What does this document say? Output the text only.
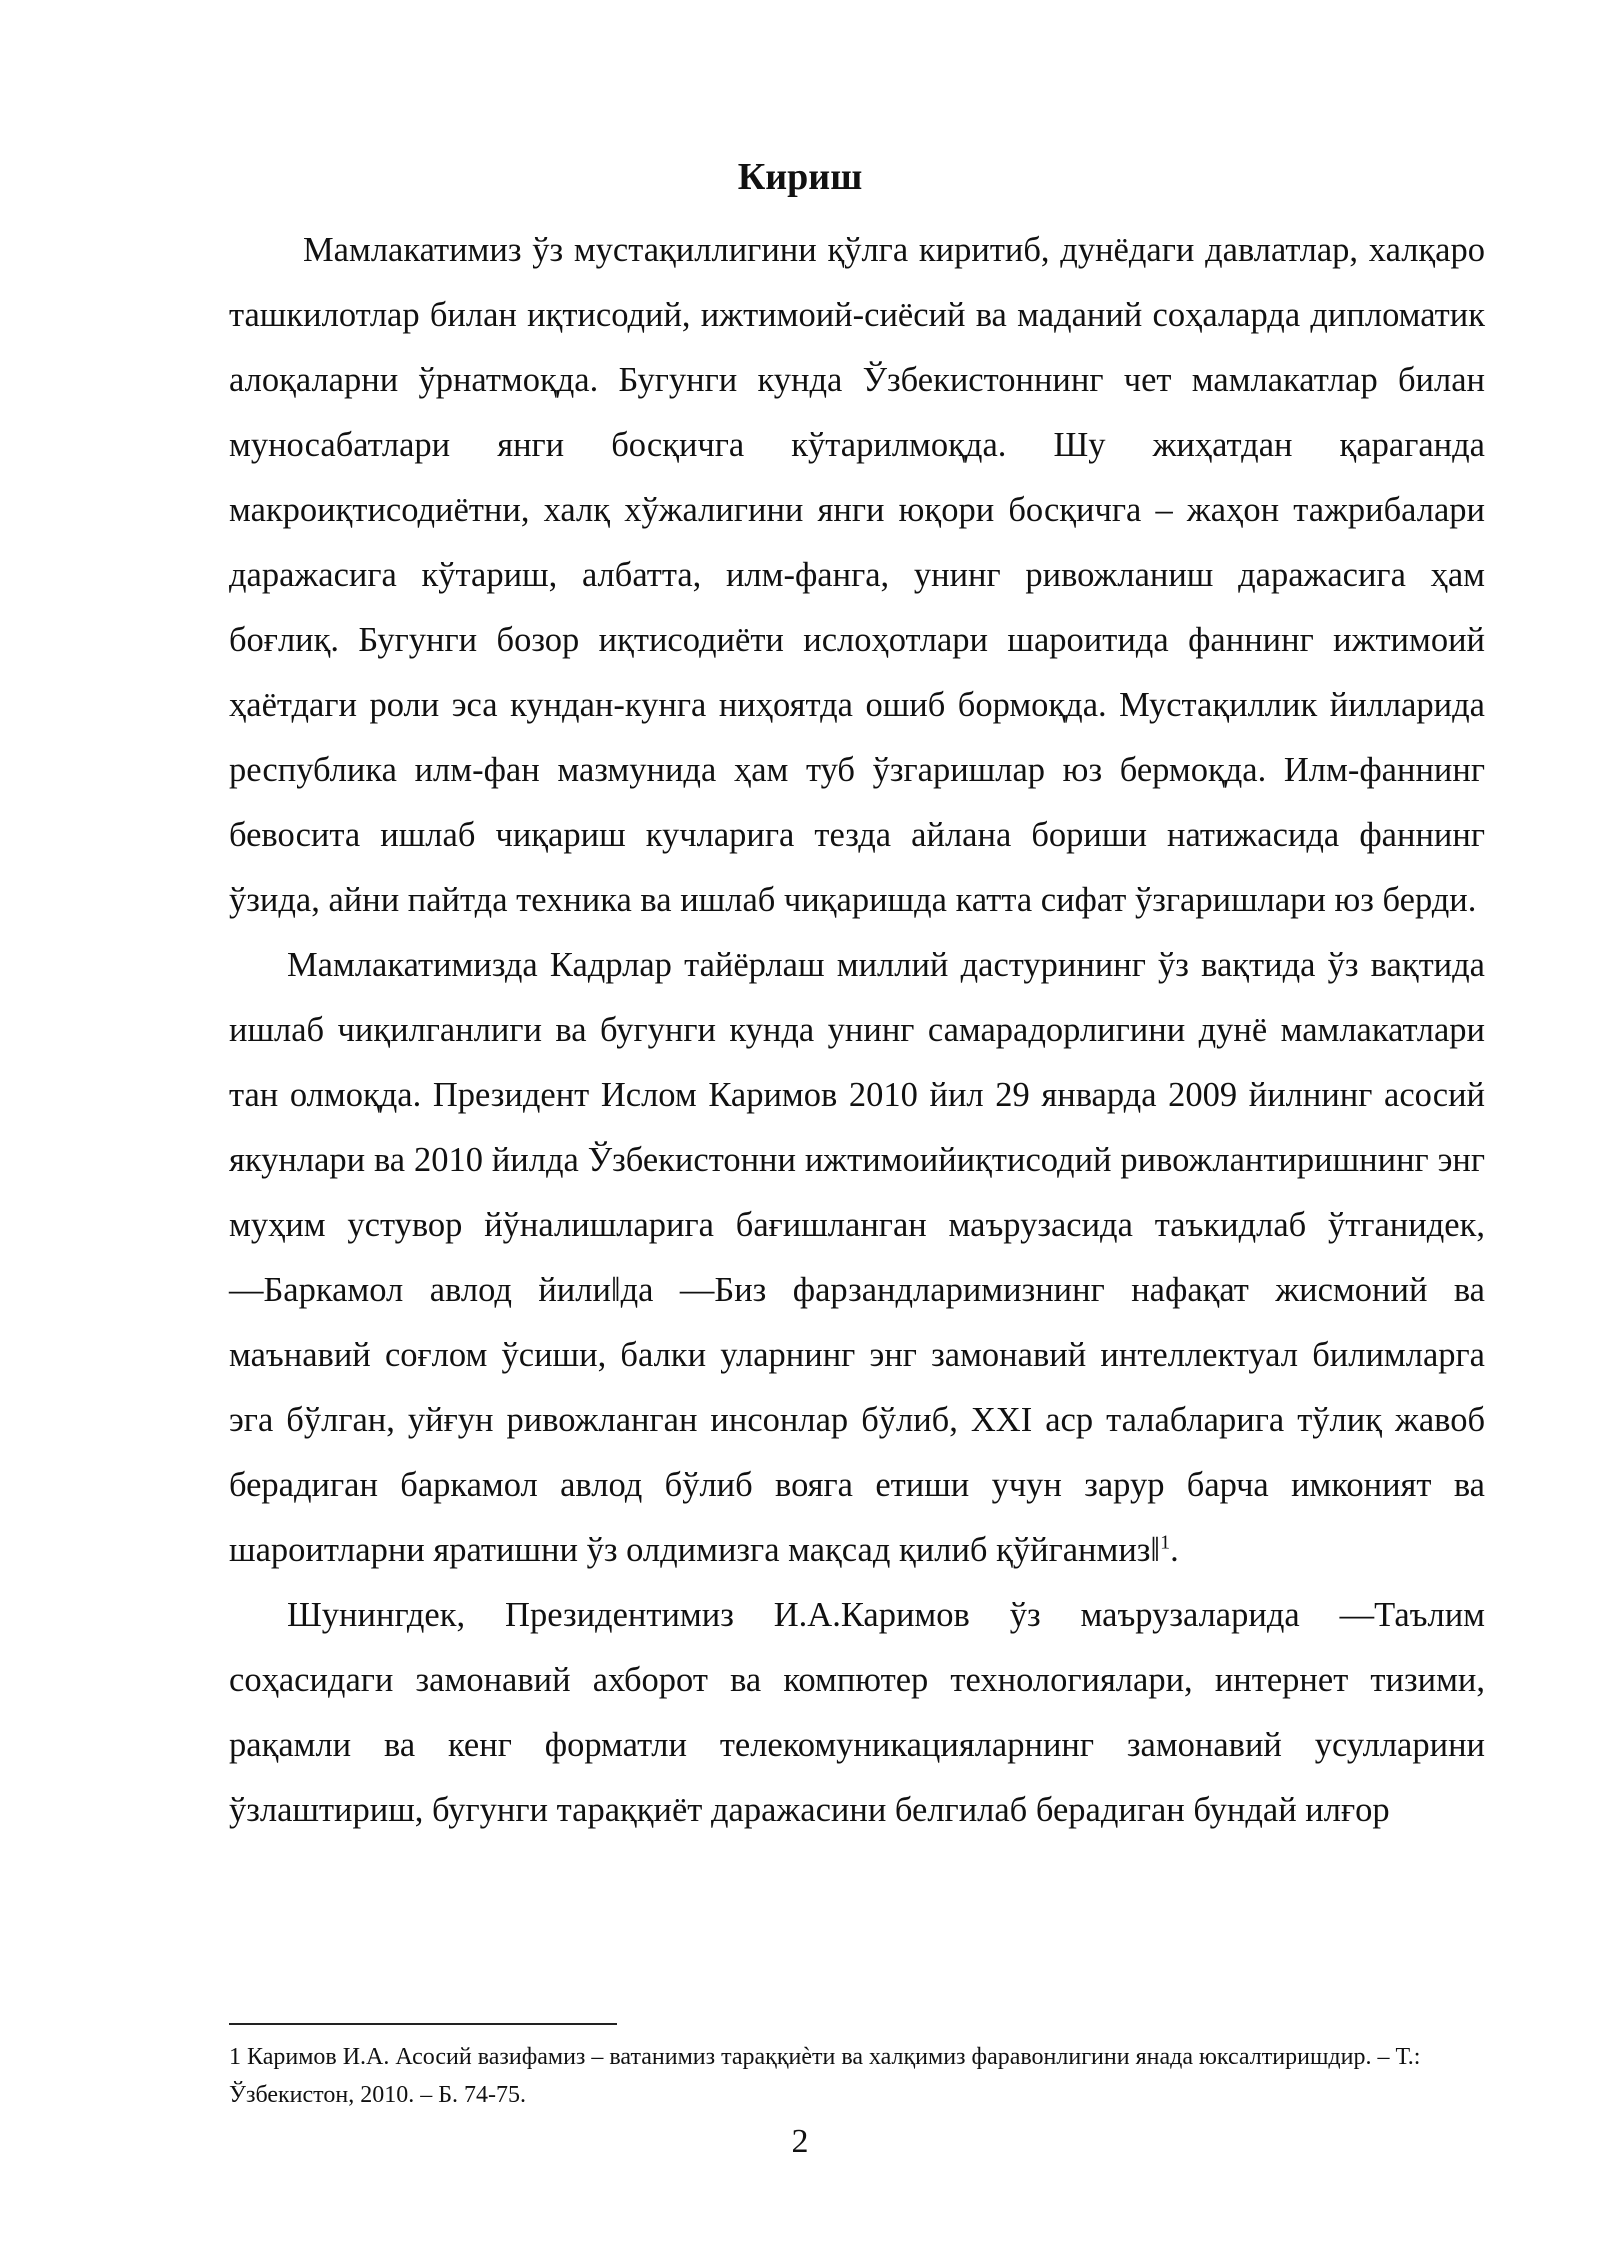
Кириш

Мамлакатимиз ўз мустақиллигини қўлга киритиб, дунёдаги давлатлар, халқаро ташкилотлар билан иқтисодий, ижтимоий-сиёсий ва маданий соҳаларда дипломатик алоқаларни ўрнатмоқда. Бугунги кунда Ўзбекистоннинг чет мамлакатлар билан муносабатлари янги босқичга кўтарилмоқда. Шу жиҳатдан қараганда макроиқтисодиётни, халқ хўжалигини янги юқори босқичга – жаҳон тажрибалари даражасига кўтариш, албатта, илм-фанга, унинг ривожланиш даражасига ҳам боғлиқ. Бугунги бозор иқтисодиёти ислоҳотлари шароитида фаннинг ижтимоий ҳаётдаги роли эса кундан-кунга ниҳоятда ошиб бормоқда. Мустақиллик йилларида республика илм-фан мазмунида ҳам туб ўзгаришлар юз бермоқда. Илм-фаннинг бевосита ишлаб чиқариш кучларига тезда айлана бориши натижасида фаннинг ўзида, айни пайтда техника ва ишлаб чиқаришда катта сифат ўзгаришлари юз берди.

Мамлакатимизда Кадрлар тайёрлаш миллий дастурининг ўз вақтида ўз вақтида ишлаб чиқилганлиги ва бугунги кунда унинг самарадорлигини дунё мамлакатлари тан олмоқда. Президент Ислом Каримов 2010 йил 29 январда 2009 йилнинг асосий якунлари ва 2010 йилда Ўзбекистонни ижтимоийиқтисодий ривожлантиришнинг энг муҳим устувор йўналишларига бағишланган маърузасида таъкидлаб ўтганидек, ―Баркамол авлод йили‖да ―Биз фарзандларимизнинг нафақат жисмоний ва маънавий соғлом ўсиши, балки уларнинг энг замонавий интеллектуал билимларга эга бўлган, уйғун ривожланган инсонлар бўлиб, XXI аср талабларига тўлиқ жавоб берадиган баркамол авлод бўлиб вояга етиши учун зарур барча имконият ва шароитларни яратишни ўз олдимизга мақсад қилиб қўйганмиз‖$^1$.

Шунингдек, Президентимиз И.А.Каримов ўз маърузаларида ―Таълим соҳасидаги замонавий ахборот ва компютер технологиялари, интернет тизими, рақамли ва кенг форматли телекомуникацияларнинг замонавий усулларини ўзлаштириш, бугунги тараққиёт даражасини белгилаб берадиган бундай илғор

1 Каримов И.А. Асосий вазифамиз – ватанимиз тараққиѐти ва халқимиз фаравонлигини янада юксалтиришдир. – Т.: Ўзбекистон, 2010. – Б. 74-75.

2
